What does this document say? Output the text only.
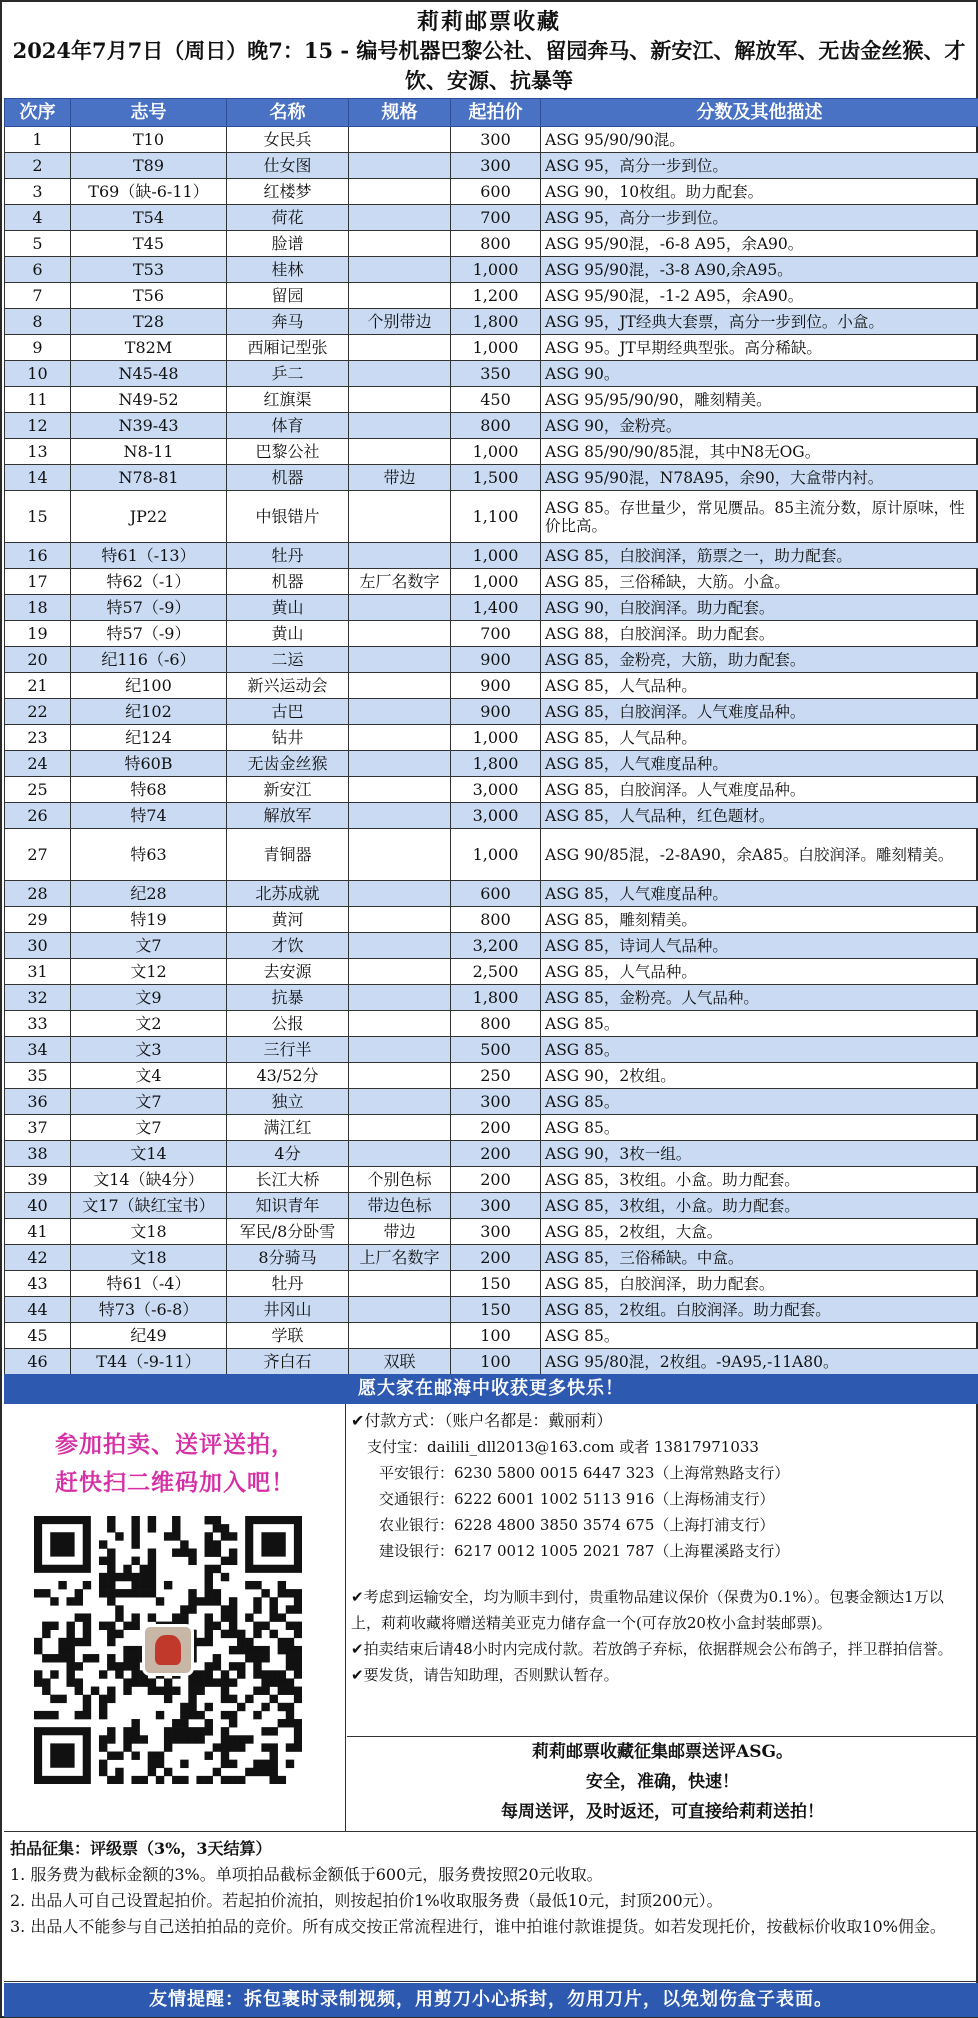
莉莉邮票收藏
2024年7月7日（周日）晚7：15 - 编号机器巴黎公社、留园奔马、新安江、解放军、无齿金丝猴、才饮、安源、抗暴等
次序	志号	名称	规格	起拍价	分数及其他描述
1	T10	女民兵		300	ASG 95/90/90混。
2	T89	仕女图		300	ASG 95，高分一步到位。
3	T69（缺-6-11）	红楼梦		600	ASG 90，10枚组。助力配套。
4	T54	荷花		700	ASG 95，高分一步到位。
5	T45	脸谱		800	ASG 95/90混，-6-8 A95，余A90。
6	T53	桂林		1,000	ASG 95/90混，-3-8 A90,余A95。
7	T56	留园		1,200	ASG 95/90混，-1-2 A95，余A90。
8	T28	奔马	个别带边	1,800	ASG 95，JT经典大套票，高分一步到位。小盒。
9	T82M	西厢记型张		1,000	ASG 95。JT早期经典型张。高分稀缺。
10	N45-48	乒二		350	ASG 90。
11	N49-52	红旗渠		450	ASG 95/95/90/90，雕刻精美。
12	N39-43	体育		800	ASG 90，金粉亮。
13	N8-11	巴黎公社		1,000	ASG 85/90/90/85混，其中N8无OG。
14	N78-81	机器	带边	1,500	ASG 95/90混，N78A95，余90，大盒带内衬。
15	JP22	中银错片		1,100	ASG 85。存世量少，常见赝品。85主流分数，原计原味，性价比高。
16	特61（-13）	牡丹		1,000	ASG 85，白胶润泽，筋票之一，助力配套。
17	特62（-1）	机器	左厂名数字	1,000	ASG 85，三俗稀缺，大筋。小盒。
18	特57（-9）	黄山		1,400	ASG 90，白胶润泽。助力配套。
19	特57（-9）	黄山		700	ASG 88，白胶润泽。助力配套。
20	纪116（-6）	二运		900	ASG 85，金粉亮，大筋，助力配套。
21	纪100	新兴运动会		900	ASG 85，人气品种。
22	纪102	古巴		900	ASG 85，白胶润泽。人气难度品种。
23	纪124	钻井		1,000	ASG 85，人气品种。
24	特60B	无齿金丝猴		1,800	ASG 85，人气难度品种。
25	特68	新安江		3,000	ASG 85，白胶润泽。人气难度品种。
26	特74	解放军		3,000	ASG 85，人气品种，红色题材。
27	特63	青铜器		1,000	ASG 90/85混，-2-8A90，余A85。白胶润泽。雕刻精美。
28	纪28	北苏成就		600	ASG 85，人气难度品种。
29	特19	黄河		800	ASG 85，雕刻精美。
30	文7	才饮		3,200	ASG 85，诗词人气品种。
31	文12	去安源		2,500	ASG 85，人气品种。
32	文9	抗暴		1,800	ASG 85，金粉亮。人气品种。
33	文2	公报		800	ASG 85。
34	文3	三行半		500	ASG 85。
35	文4	43/52分		250	ASG 90，2枚组。
36	文7	独立		300	ASG 85。
37	文7	满江红		200	ASG 85。
38	文14	4分		200	ASG 90，3枚一组。
39	文14（缺4分）	长江大桥	个别色标	200	ASG 85，3枚组。小盒。助力配套。
40	文17（缺红宝书）	知识青年	带边色标	300	ASG 85，3枚组，小盒。助力配套。
41	文18	军民/8分卧雪	带边	300	ASG 85，2枚组，大盒。
42	文18	8分骑马	上厂名数字	200	ASG 85，三俗稀缺。中盒。
43	特61（-4）	牡丹		150	ASG 85，白胶润泽，助力配套。
44	特73（-6-8）	井冈山		150	ASG 85，2枚组。白胶润泽。助力配套。
45	纪49	学联		100	ASG 85。
46	T44（-9-11）	齐白石	双联	100	ASG 95/80混，2枚组。-9A95,-11A80。
愿大家在邮海中收获更多快乐！
参加拍卖、送评送拍，
赶快扫二维码加入吧！
✔付款方式：（账户名都是：戴丽莉）
支付宝：dailili_dll2013@163.com 或者 13817971033
平安银行：6230 5800 0015 6447 323（上海常熟路支行）
交通银行：6222 6001 1002 5113 916（上海杨浦支行）
农业银行：6228 4800 3850 3574 675（上海打浦支行）
建设银行：6217 0012 1005 2021 787（上海瞿溪路支行）

✔考虑到运输安全，均为顺丰到付，贵重物品建议保价（保费为0.1%）。包裹金额达1万以上，莉莉收藏将赠送精美亚克力储存盒一个(可存放20枚小盒封装邮票)。

✔拍卖结束后请48小时内完成付款。若放鸽子弃标，依据群规会公布鸽子，拌卫群拍信誉。

✔要发货，请告知助理，否则默认暂存。

莉莉邮票收藏征集邮票送评ASG。
安全，准确，快速！
每周送评，及时返还，可直接给莉莉送拍！
拍品征集：评级票（3%，3天结算）
1. 服务费为截标金额的3%。单项拍品截标金额低于600元，服务费按照20元收取。
2. 出品人可自己设置起拍价。若起拍价流拍，则按起拍价1%收取服务费（最低10元，封顶200元）。
3. 出品人不能参与自己送拍拍品的竞价。所有成交按正常流程进行，谁中拍谁付款谁提货。如若发现托价，按截标价收取10%佣金。
友情提醒：拆包裹时录制视频，用剪刀小心拆封，勿用刀片，以免划伤盒子表面。
